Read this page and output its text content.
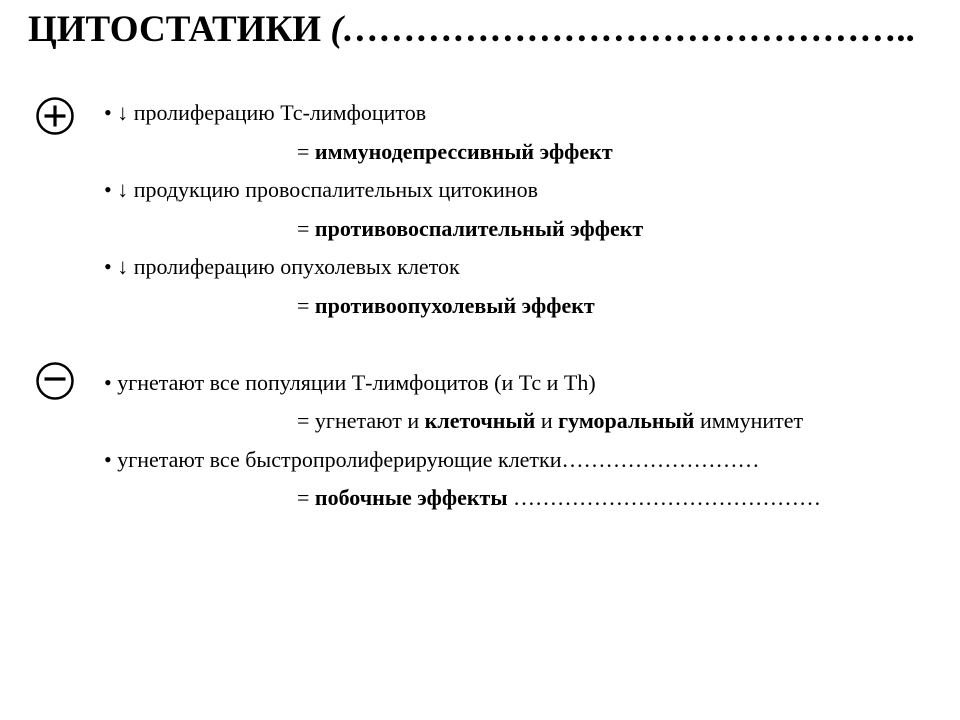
ЦИТОСТАТИКИ (………………………………………..
• ↓ пролиферацию Тс-лимфоцитов
= иммунодепрессивный эффект
• ↓ продукцию провоспалительных цитокинов
= противовоспалительный эффект
• ↓ пролиферацию опухолевых клеток
= противоопухолевый эффект
• угнетают все популяции Т-лимфоцитов (и Тс и Th)
= угнетают и клеточный и гуморальный иммунитет
• угнетают все быстропролиферирующие клетки………………………
= побочные эффекты ……………………………………
